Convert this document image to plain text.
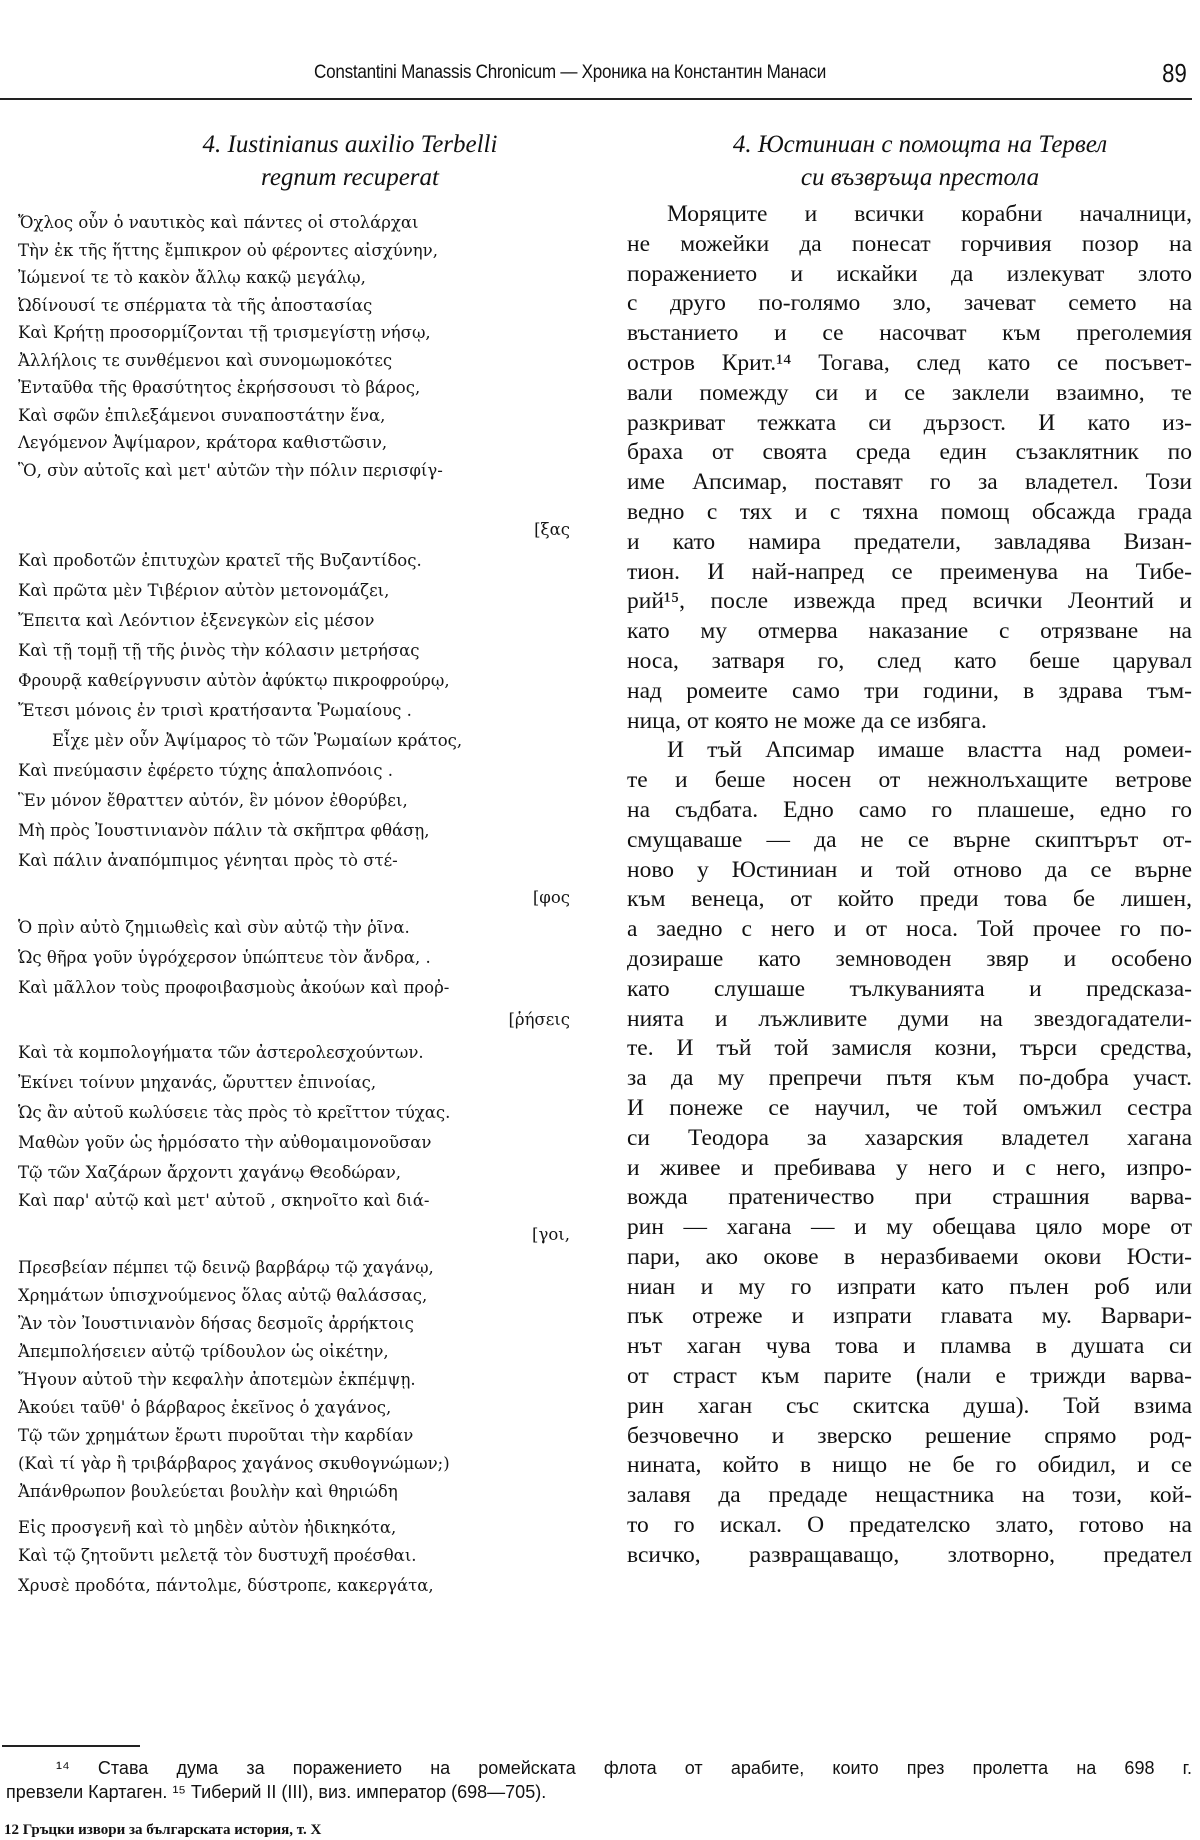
Constantini Manassis Chronicum — Хроника на Константин Манаси	89
4. Iustinianus auxilio Terbelli
regnum recuperat
4. Юстиниан с помощта на Тервел
си възвръща престола
Ὄχλος οὖν ὁ ναυτικὸς καὶ πάντες οἱ στολάρχαι
Τὴν ἐκ τῆς ἥττης ἔμπικρον οὐ φέροντες αἰσχύνην,
Ἰώμενοί τε τὸ κακὸν ἄλλῳ κακῷ μεγάλῳ,
Ὠδίνουσί τε σπέρματα τὰ τῆς ἀποστασίας
Καὶ Κρήτῃ προσορμίζονται τῇ τρισμεγίστῃ νήσῳ,
Ἀλλήλοις τε συνθέμενοι καὶ συνομωμοκότες
Ἐνταῦθα τῆς θρασύτητος ἐκρήσσουσι τὸ βάρος,
Καὶ σφῶν ἐπιλεξάμενοι συναποστάτην ἕνα,
Λεγόμενον Ἀψίμαρον, κράτορα καθιστῶσιν,
Ὃ, σὺν αὐτοῖς καὶ μετ' αὐτῶν τὴν πόλιν περισφίγ-
[ξας
Καὶ προδοτῶν ἐπιτυχὼν κρατεῖ τῆς Βυζαντίδος.
Καὶ πρῶτα μὲν Τιβέριον αὐτὸν μετονομάζει,
Ἔπειτα καὶ Λεόντιον ἐξενεγκὼν εἰς μέσον
Καὶ τῇ τομῇ τῇ τῆς ῥινὸς τὴν κόλασιν μετρήσας
Φρουρᾷ καθείργνυσιν αὐτὸν ἀφύκτῳ πικροφρούρῳ,
Ἔτεσι μόνοις ἐν τρισὶ κρατήσαντα Ῥωμαίους .
Εἶχε μὲν οὖν Ἀψίμαρος τὸ τῶν Ῥωμαίων κράτος,
Καὶ πνεύμασιν ἐφέρετο τύχης ἁπαλοπνόοις .
Ἓν μόνον ἔθραττεν αὐτόν, ἓν μόνον ἐθορύβει,
Μὴ πρὸς Ἰουστινιανὸν πάλιν τὰ σκῆπτρα φθάσῃ,
Καὶ πάλιν ἀναπόμπιμος γένηται πρὸς τὸ στέ-
[φος
Ὁ πρὶν αὐτὸ ζημιωθεὶς καὶ σὺν αὐτῷ τὴν ῥῖνα.
Ὡς θῆρα γοῦν ὑγρόχερσον ὑπώπτευε τὸν ἄνδρα, .
Καὶ μᾶλλον τοὺς προφοιβασμοὺς ἀκούων καὶ προῤ-
[ῥήσεις
Καὶ τὰ κομπολογήματα τῶν ἀστερολεσχούντων.
Ἐκίνει τοίνυν μηχανάς, ὤρυττεν ἐπινοίας,
Ὡς ἂν αὐτοῦ κωλύσειε τὰς πρὸς τὸ κρεῖττον τύχας.
Μαθὼν γοῦν ὡς ἡρμόσατο τὴν αὐθομαιμονοῦσαν
Τῷ τῶν Χαζάρων ἄρχοντι χαγάνῳ Θεοδώραν,
Καὶ παρ' αὐτῷ καὶ μετ' αὐτοῦ , σκηνοῖτο καὶ διά-
[γοι,
Πρεσβείαν πέμπει τῷ δεινῷ βαρβάρῳ τῷ χαγάνῳ,
Χρημάτων ὑπισχνούμενος ὅλας αὐτῷ θαλάσσας,
Ἂν τὸν Ἰουστινιανὸν δήσας δεσμοῖς ἀρρήκτοις
Ἀπεμπολήσειεν αὐτῷ τρίδουλον ὡς οἰκέτην,
Ἤγουν αὐτοῦ τὴν κεφαλὴν ἀποτεμὼν ἐκπέμψῃ.
Ἀκούει ταῦθ' ὁ βάρβαρος ἐκεῖνος ὁ χαγάνος,
Τῷ τῶν χρημάτων ἔρωτι πυροῦται τὴν καρδίαν
(Καὶ τί γὰρ ἢ τριβάρβαρος χαγάνος σκυθογνώμων;)
Ἀπάνθρωπον βουλεύεται βουλὴν καὶ θηριώδη
Εἰς προσγενῆ καὶ τὸ μηδὲν αὐτὸν ἠδικηκότα,
Καὶ τῷ ζητοῦντι μελετᾷ τὸν δυστυχῆ προέσθαι.
Χρυσὲ προδότα, πάντολμε, δύστροπε, κακεργάτα,
Моряците и всички корабни началници,
не можейки да понесат горчивия позор на
поражението и искайки да излекуват злото
с друго по-голямо зло, зачеват семето на
въстанието и се насочват към преголемия
остров Крит.¹⁴ Тогава, след като се посъвет-
вали помежду си и се заклели взаимно, те
разкриват тежката си дързост. И като из-
браха от своята среда един съзаклятник по
име Апсимар, поставят го за владетел. Този
ведно с тях и с тяхна помощ обсажда града
и като намира предатели, завладява Визан-
тион. И най-напред се преименува на Тибе-
рий¹⁵, после извежда пред всички Леонтий и
като му отмерва наказание с отрязване на
носа, затваря го, след като беше царувал
над ромеите само три години, в здрава тъм-
ница, от която не може да се избяга.
И тъй Апсимар имаше властта над ромеи-
те и беше носен от нежнолъхащите ветрове
на съдбата. Едно само го плашеше, едно го
смущаваше — да не се върне скиптърът от-
ново у Юстиниан и той отново да се върне
към венеца, от който преди това бе лишен,
а заедно с него и от носа. Той прочее го по-
дозираше като земноводен звяр и особено
като слушаше тълкуванията и предсказа-
нията и лъжливите думи на звездогадатели-
те. И тъй той замисля козни, търси средства,
за да му препречи пътя към по-добра участ.
И понеже се научил, че той омъжил сестра
си Теодора за хазарския владетел хагана
и живее и пребивава у него и с него, изпро-
вожда пратеничество при страшния варва-
рин — хагана — и му обещава цяло море от
пари, ако окове в неразбиваеми окови Юсти-
ниан и му го изпрати като пълен роб или
пък отреже и изпрати главата му. Варвари-
нът хаган чува това и пламва в душата си
от страст към парите (нали е трижди варва-
рин хаган със скитска душа). Той взима
безчовечно и зверско решение спрямо род-
нината, който в нищо не бе го обидил, и се
залавя да предаде нещастника на този, кой-
то го искал. О предателско злато, готово на
всичко, развращаващо, злотворно, предател
¹⁴ Става дума за поражението на ромейската флота от арабите, които през пролетта на 698 г.
превзели Картаген. ¹⁵ Тиберий II (III), виз. император (698—705).
12 Гръцки извори за българската история, т. X
